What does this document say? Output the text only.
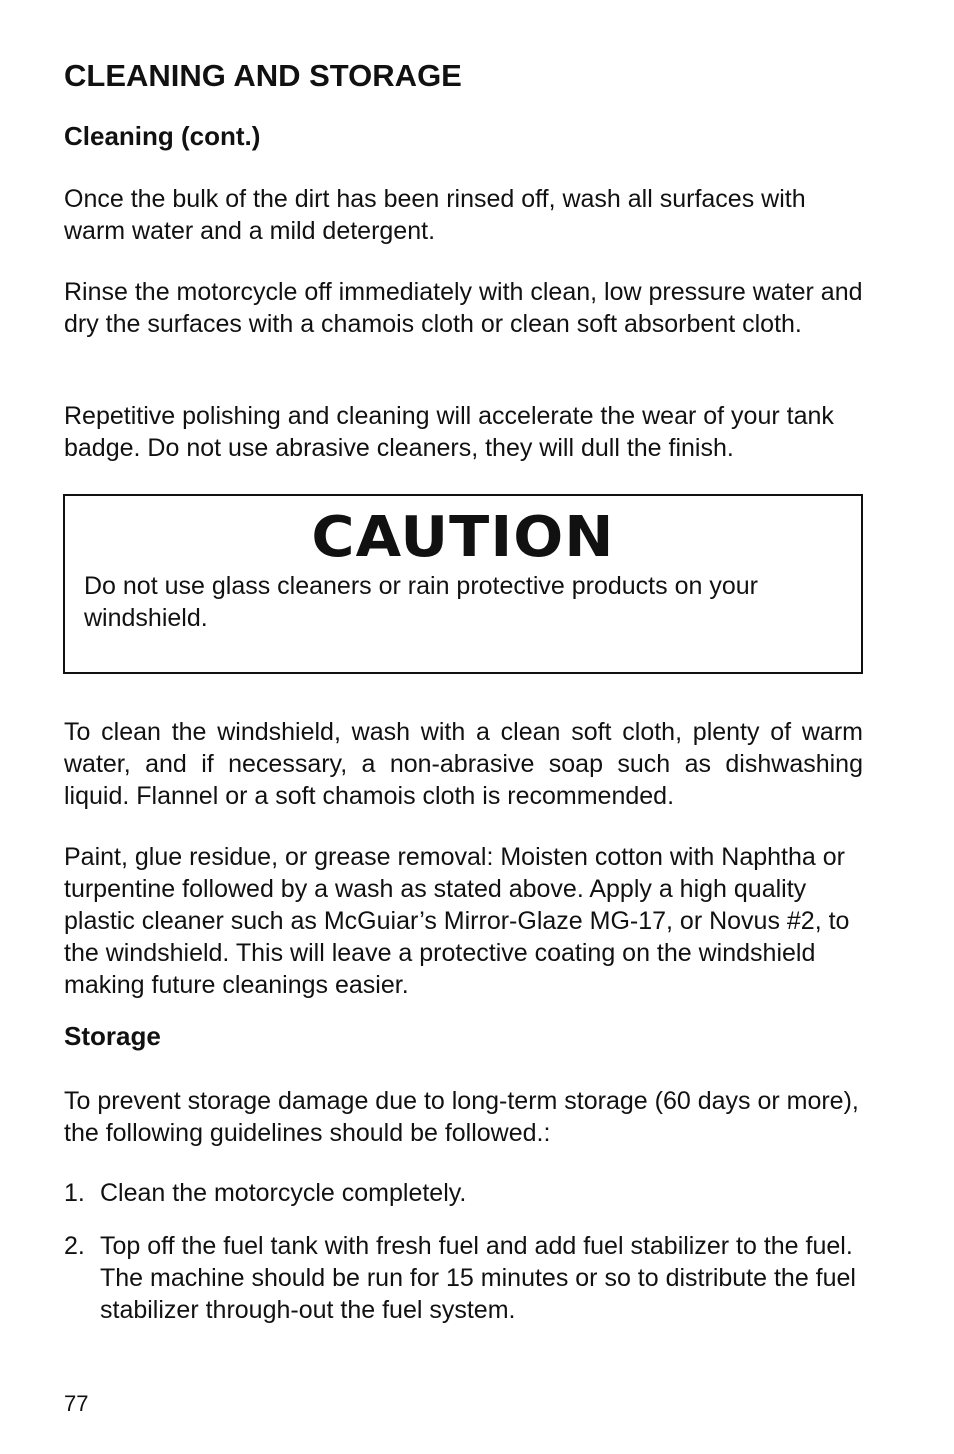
CLEANING AND STORAGE
Cleaning (cont.)

Once the bulk of the dirt has been rinsed off, wash all surfaces with warm water and a mild detergent.

Rinse the motorcycle off immediately with clean, low pressure water and dry the surfaces with a chamois cloth or clean soft absorbent cloth.

Repetitive polishing and cleaning will accelerate the wear of your tank badge. Do not use abrasive cleaners, they will dull the finish.

CAUTION
Do not use glass cleaners or rain protective products on your windshield.

To clean the windshield, wash with a clean soft cloth, plenty of warm water, and if necessary, a non-abrasive soap such as dishwashing liquid. Flannel or a soft chamois cloth is recommended.

Paint, glue residue, or grease removal: Moisten cotton with Naphtha or turpentine followed by a wash as stated above. Apply a high quality plastic cleaner such as McGuiar’s Mirror-Glaze MG-17, or Novus #2, to the windshield. This will leave a protective coating on the windshield making future cleanings easier.

Storage

To prevent storage damage due to long-term storage (60 days or more), the following guidelines should be followed.:

1. Clean the motorcycle completely.
2. Top off the fuel tank with fresh fuel and add fuel stabilizer to the fuel. The machine should be run for 15 minutes or so to distribute the fuel stabilizer through-out the fuel system.
77
